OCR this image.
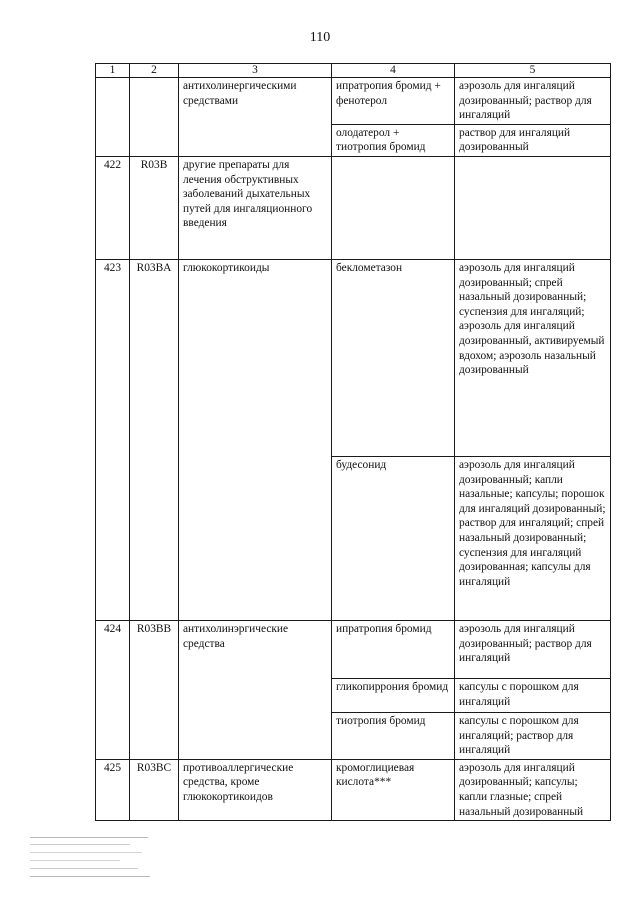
110
1	2	3	4	5
		антихолинергическими средствами	ипратропия бромид + фенотерол	аэрозоль для ингаляций дозированный; раствор для ингаляций
			олодатерол + тиотропия бромид	раствор для ингаляций дозированный
422	R03B	другие препараты для лечения обструктивных заболеваний дыхательных путей для ингаляционного введения		
423	R03BA	глюкокортикоиды	беклометазон	аэрозоль для ингаляций дозированный; спрей назальный дозированный; суспензия для ингаляций; аэрозоль для ингаляций дозированный, активируемый вдохом; аэрозоль назальный дозированный
			будесонид	аэрозоль для ингаляций дозированный; капли назальные; капсулы; порошок для ингаляций дозированный; раствор для ингаляций; спрей назальный дозированный; суспензия для ингаляций дозированная; капсулы для ингаляций
424	R03BB	антихолинэргические средства	ипратропия бромид	аэрозоль для ингаляций дозированный; раствор для ингаляций
			гликопиррония бромид	капсулы с порошком для ингаляций
			тиотропия бромид	капсулы с порошком для ингаляций; раствор для ингаляций
425	R03BC	противоаллергические средства, кроме глюкокортикоидов	кромоглициевая кислота***	аэрозоль для ингаляций дозированный; капсулы; капли глазные; спрей назальный дозированный
